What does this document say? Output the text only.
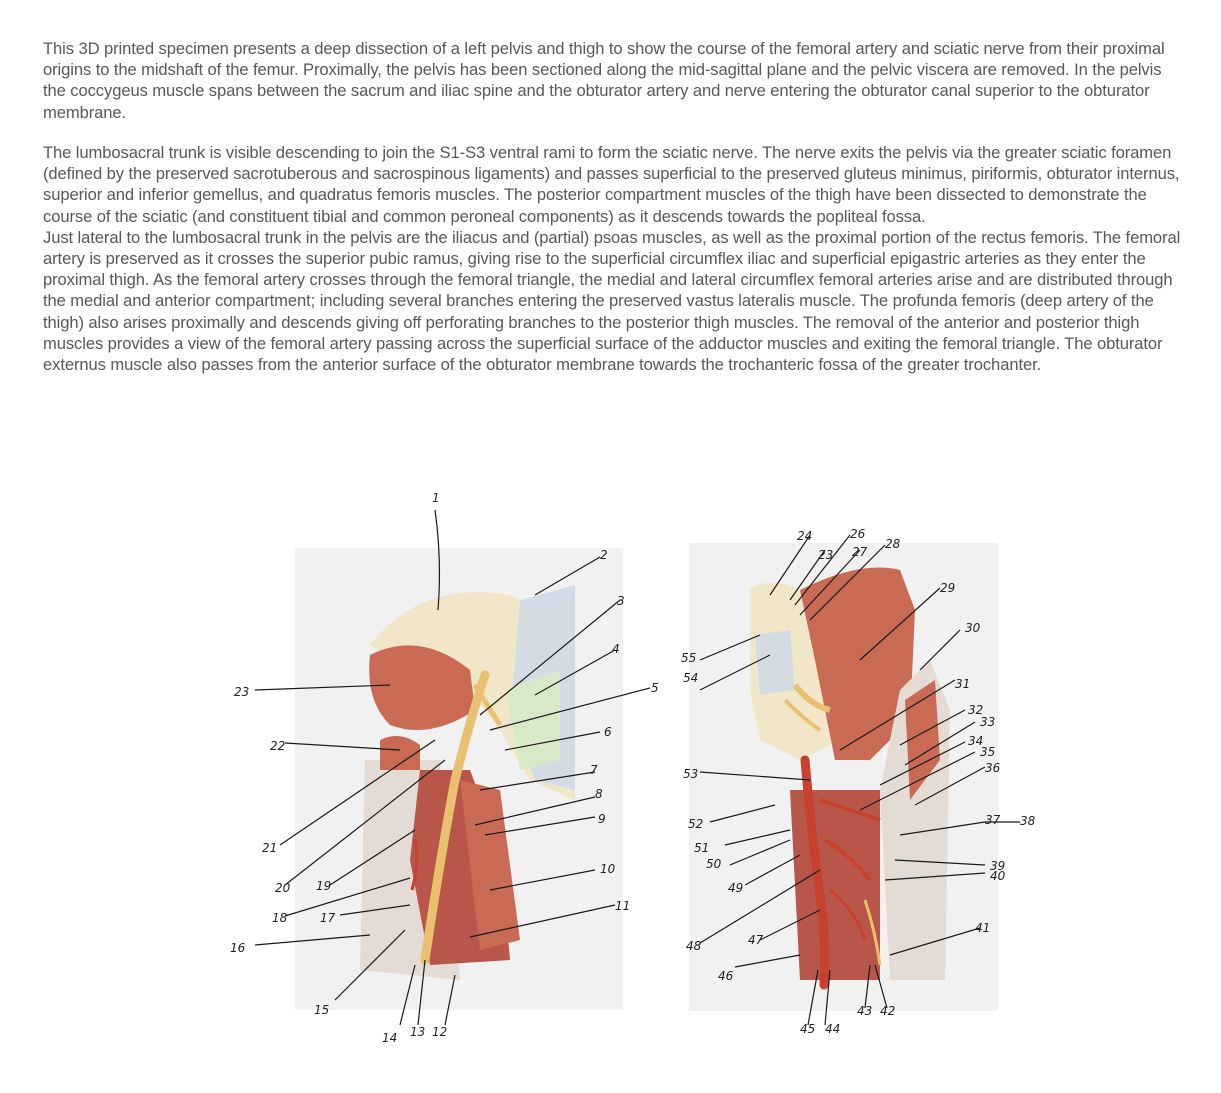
This 3D printed specimen presents a deep dissection of a left pelvis and thigh to show the course of the femoral artery and sciatic nerve from their proximal origins to the midshaft of the femur. Proximally, the pelvis has been sectioned along the mid-sagittal plane and the pelvic viscera are removed. In the pelvis the coccygeus muscle spans between the sacrum and iliac spine and the obturator artery and nerve entering the obturator canal superior to the obturator membrane.

The lumbosacral trunk is visible descending to join the S1-S3 ventral rami to form the sciatic nerve. The nerve exits the pelvis via the greater sciatic foramen (defined by the preserved sacrotuberous and sacrospinous ligaments) and passes superficial to the preserved gluteus minimus, piriformis, obturator internus, superior and inferior gemellus, and quadratus femoris muscles. The posterior compartment muscles of the thigh have been dissected to demonstrate the course of the sciatic (and constituent tibial and common peroneal components) as it descends towards the popliteal fossa.
Just lateral to the lumbosacral trunk in the pelvis are the iliacus and (partial) psoas muscles, as well as the proximal portion of the rectus femoris. The femoral artery is preserved as it crosses the superior pubic ramus, giving rise to the superficial circumflex iliac and superficial epigastric arteries as they enter the proximal thigh. As the femoral artery crosses through the femoral triangle, the medial and lateral circumflex femoral arteries arise and are distributed through the medial and anterior compartment; including several branches entering the preserved vastus lateralis muscle. The profunda femoris (deep artery of the thigh) also arises proximally and descends giving off perforating branches to the posterior thigh muscles. The removal of the anterior and posterior thigh muscles provides a view of the femoral artery passing across the superficial surface of the adductor muscles and exiting the femoral triangle. The obturator externus muscle also passes from the anterior surface of the obturator membrane towards the trochanteric fossa of the greater trochanter.
1
2
3
4
5
6
7
8
9
10
11
12
13
14
15
16
17
18
19
20
21
22
23
23
24	26
27
28
29
30
31
32
33
34
35
36
37 38
39
40
41
42
43
44
45
46
47
48
49
50
51
52
53
54
55
